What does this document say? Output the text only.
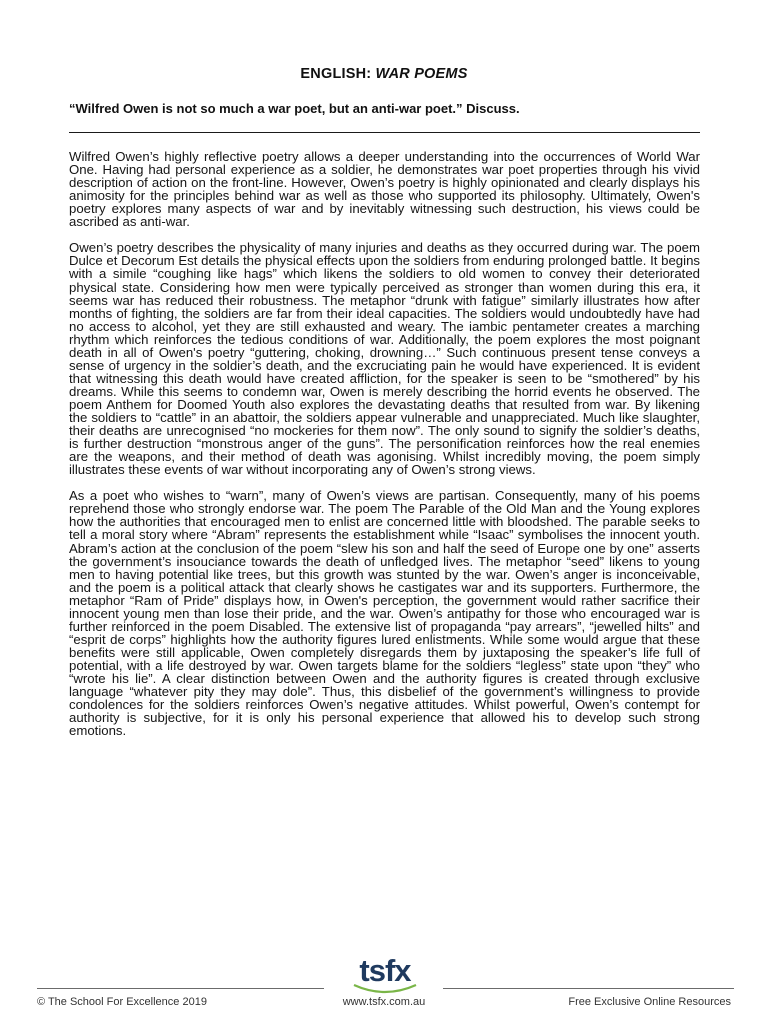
ENGLISH: WAR POEMS
“Wilfred Owen is not so much a war poet, but an anti-war poet.” Discuss.

Wilfred Owen’s highly reflective poetry allows a deeper understanding into the occurrences of World War One. Having had personal experience as a soldier, he demonstrates war poet properties through his vivid description of action on the front-line. However, Owen’s poetry is highly opinionated and clearly displays his animosity for the principles behind war as well as those who supported its philosophy. Ultimately, Owen's poetry explores many aspects of war and by inevitably witnessing such destruction, his views could be ascribed as anti-war.

Owen’s poetry describes the physicality of many injuries and deaths as they occurred during war. The poem Dulce et Decorum Est details the physical effects upon the soldiers from enduring prolonged battle. It begins with a simile “coughing like hags” which likens the soldiers to old women to convey their deteriorated physical state. Considering how men were typically perceived as stronger than women during this era, it seems war has reduced their robustness. The metaphor “drunk with fatigue” similarly illustrates how after months of fighting, the soldiers are far from their ideal capacities. The soldiers would undoubtedly have had no access to alcohol, yet they are still exhausted and weary. The iambic pentameter creates a marching rhythm which reinforces the tedious conditions of war. Additionally, the poem explores the most poignant death in all of Owen's poetry “guttering, choking, drowning…” Such continuous present tense conveys a sense of urgency in the soldier’s death, and the excruciating pain he would have experienced. It is evident that witnessing this death would have created affliction, for the speaker is seen to be “smothered” by his dreams. While this seems to condemn war, Owen is merely describing the horrid events he observed. The poem Anthem for Doomed Youth also explores the devastating deaths that resulted from war. By likening the soldiers to “cattle” in an abattoir, the soldiers appear vulnerable and unappreciated. Much like slaughter, their deaths are unrecognised “no mockeries for them now”. The only sound to signify the soldier’s deaths, is further destruction “monstrous anger of the guns”. The personification reinforces how the real enemies are the weapons, and their method of death was agonising. Whilst incredibly moving, the poem simply illustrates these events of war without incorporating any of Owen’s strong views.

As a poet who wishes to “warn”, many of Owen’s views are partisan. Consequently, many of his poems reprehend those who strongly endorse war. The poem The Parable of the Old Man and the Young explores how the authorities that encouraged men to enlist are concerned little with bloodshed. The parable seeks to tell a moral story where “Abram” represents the establishment while “Isaac” symbolises the innocent youth. Abram’s action at the conclusion of the poem “slew his son and half the seed of Europe one by one” asserts the government’s insouciance towards the death of unfledged lives. The metaphor “seed” likens to young men to having potential like trees, but this growth was stunted by the war. Owen’s anger is inconceivable, and the poem is a political attack that clearly shows he castigates war and its supporters. Furthermore, the metaphor “Ram of Pride” displays how, in Owen's perception, the government would rather sacrifice their innocent young men than lose their pride, and the war. Owen’s antipathy for those who encouraged war is further reinforced in the poem Disabled. The extensive list of propaganda “pay arrears”, “jewelled hilts” and “esprit de corps” highlights how the authority figures lured enlistments. While some would argue that these benefits were still applicable, Owen completely disregards them by juxtaposing the speaker’s life full of potential, with a life destroyed by war. Owen targets blame for the soldiers “legless” state upon “they” who “wrote his lie”. A clear distinction between Owen and the authority figures is created through exclusive language “whatever pity they may dole”. Thus, this disbelief of the government’s willingness to provide condolences for the soldiers reinforces Owen’s negative attitudes. Whilst powerful, Owen’s contempt for authority is subjective, for it is only his personal experience that allowed his to develop such strong emotions.

tsfx
© The School For Excellence 2019	www.tsfx.com.au	Free Exclusive Online Resources
